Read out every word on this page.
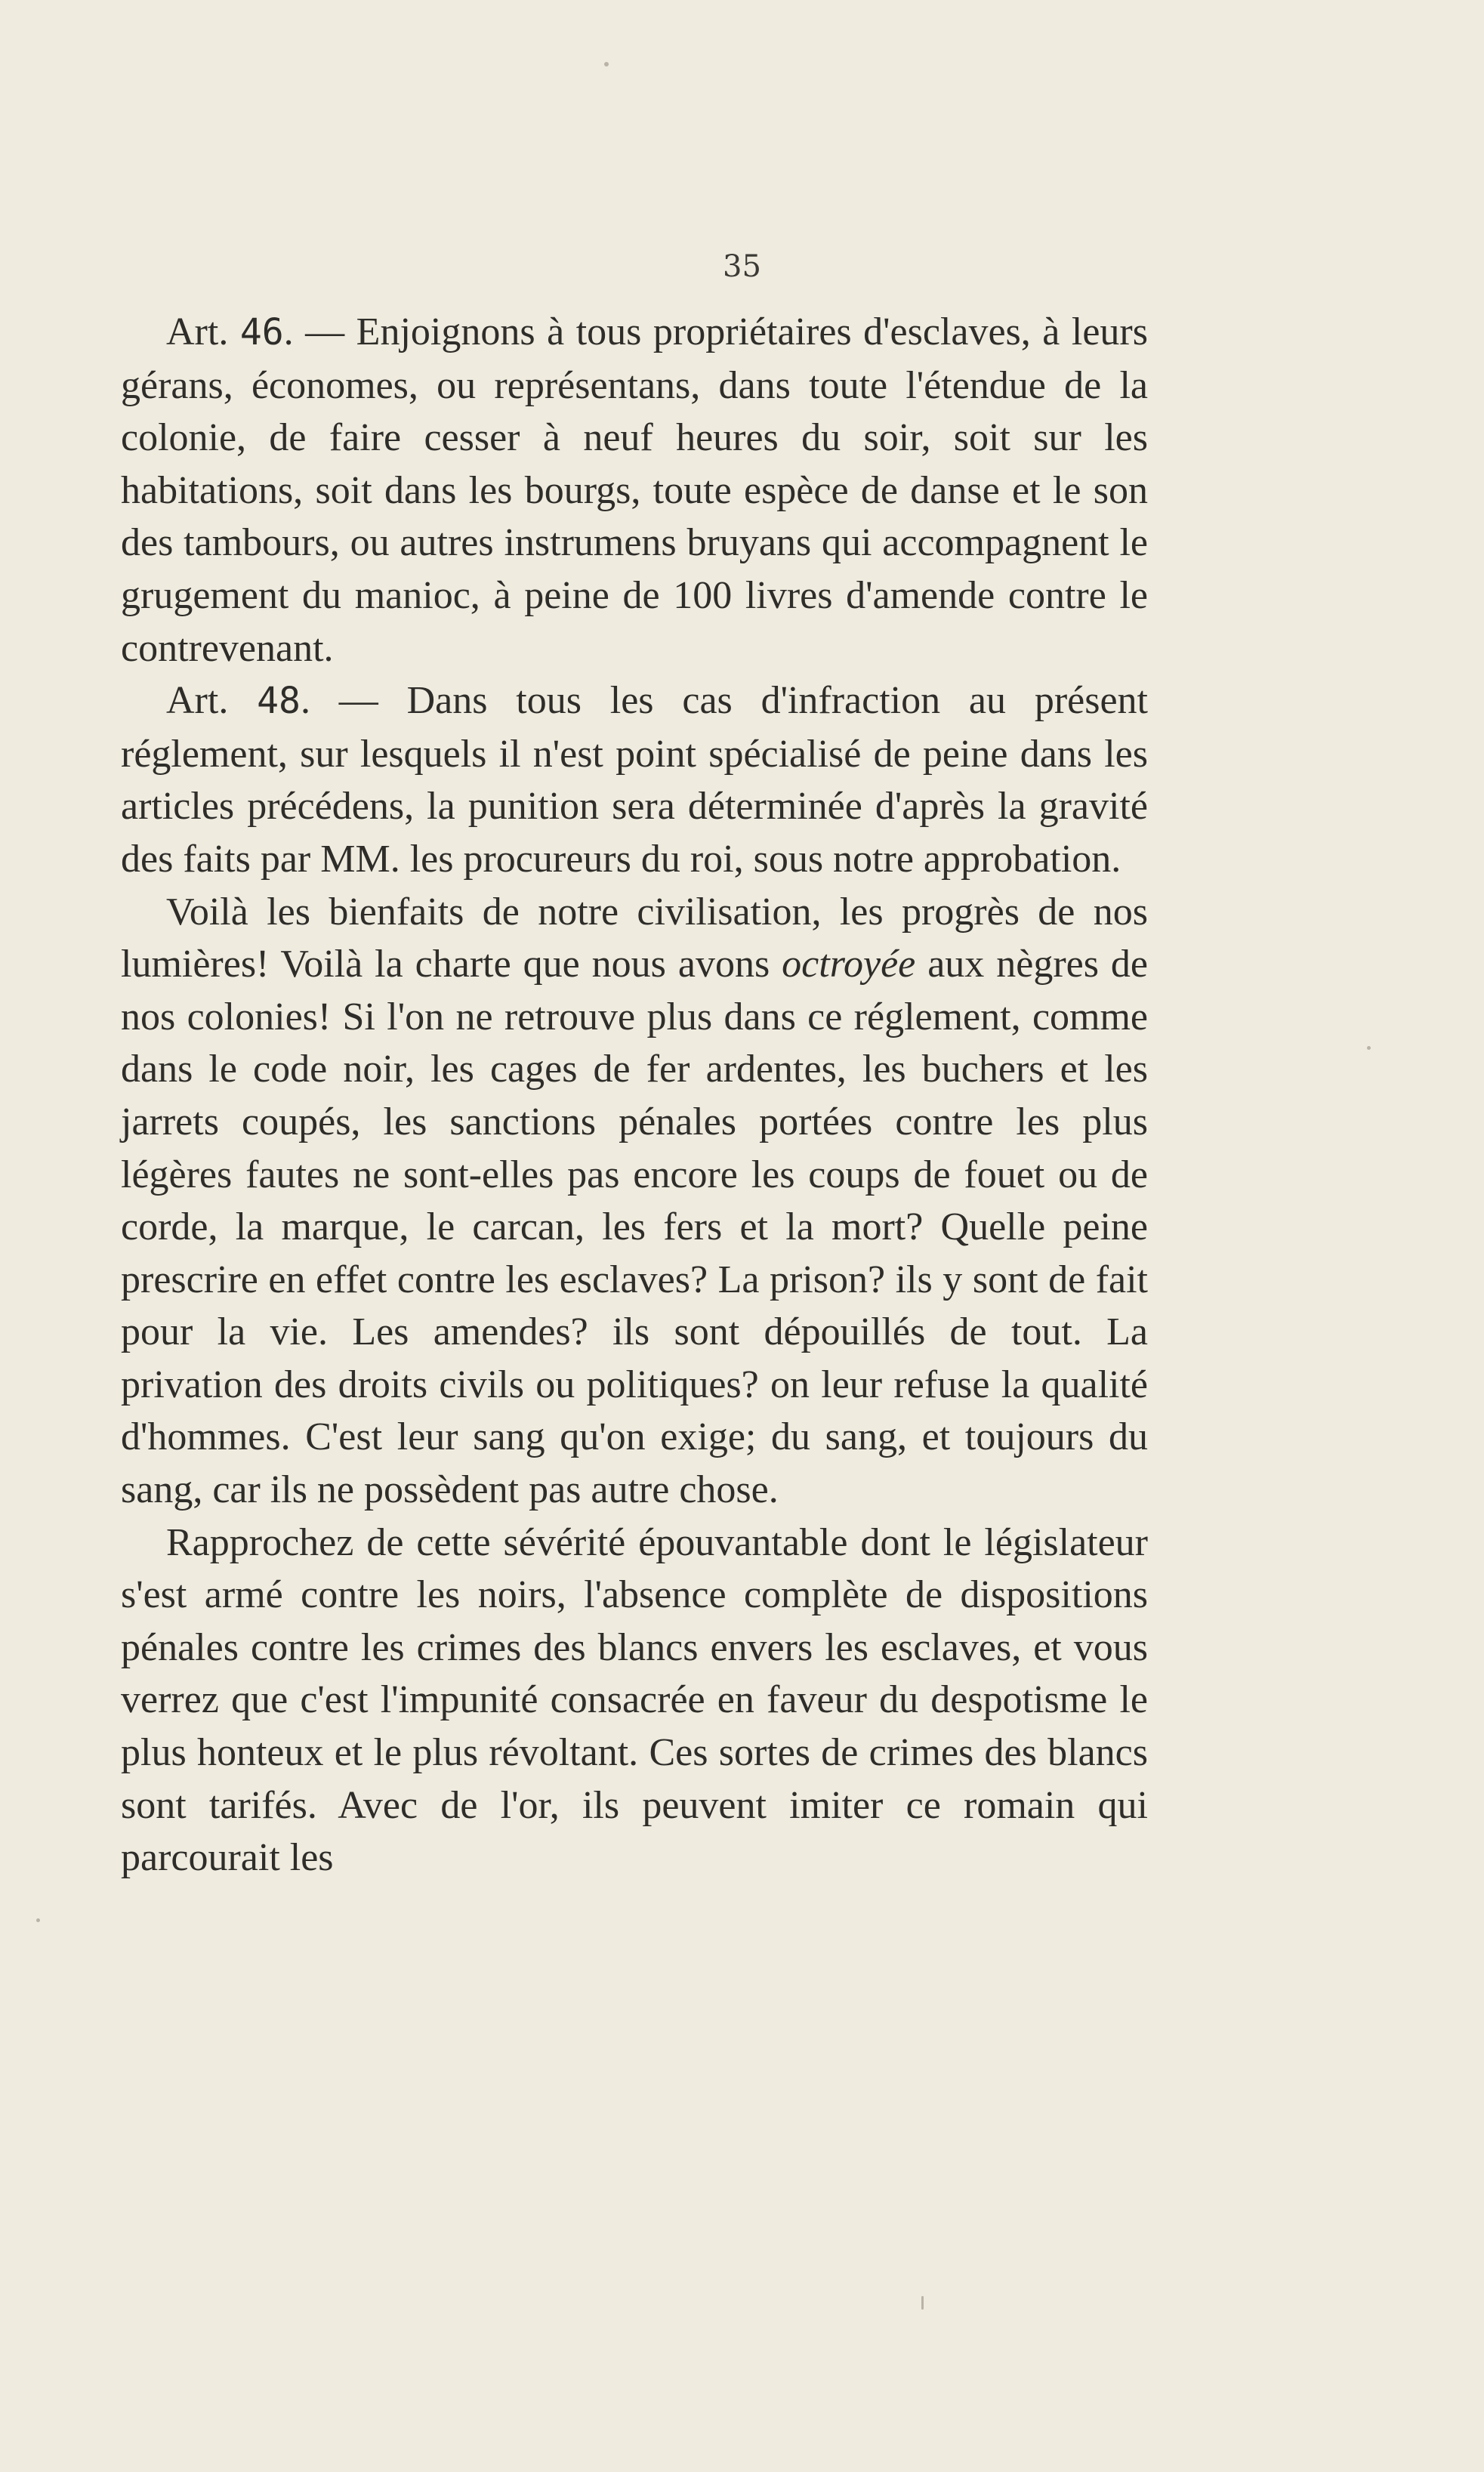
35

Art. 46. — Enjoignons à tous propriétaires d'esclaves, à leurs gérans, économes, ou représentans, dans toute l'étendue de la colonie, de faire cesser à neuf heures du soir, soit sur les habitations, soit dans les bourgs, toute espèce de danse et le son des tambours, ou autres instrumens bruyans qui accompagnent le grugement du manioc, à peine de 100 livres d'amende contre le contrevenant.

Art. 48. — Dans tous les cas d'infraction au présent réglement, sur lesquels il n'est point spécialisé de peine dans les articles précédens, la punition sera déterminée d'après la gravité des faits par MM. les procureurs du roi, sous notre approbation.

Voilà les bienfaits de notre civilisation, les progrès de nos lumières! Voilà la charte que nous avons octroyée aux nègres de nos colonies! Si l'on ne retrouve plus dans ce réglement, comme dans le code noir, les cages de fer ardentes, les buchers et les jarrets coupés, les sanctions pénales portées contre les plus légères fautes ne sont-elles pas encore les coups de fouet ou de corde, la marque, le carcan, les fers et la mort? Quelle peine prescrire en effet contre les esclaves? La prison? ils y sont de fait pour la vie. Les amendes? ils sont dépouillés de tout. La privation des droits civils ou politiques? on leur refuse la qualité d'hommes. C'est leur sang qu'on exige; du sang, et toujours du sang, car ils ne possèdent pas autre chose.

Rapprochez de cette sévérité épouvantable dont le législateur s'est armé contre les noirs, l'absence complète de dispositions pénales contre les crimes des blancs envers les esclaves, et vous verrez que c'est l'impunité consacrée en faveur du despotisme le plus honteux et le plus révoltant. Ces sortes de crimes des blancs sont tarifés. Avec de l'or, ils peuvent imiter ce romain qui parcourait les
